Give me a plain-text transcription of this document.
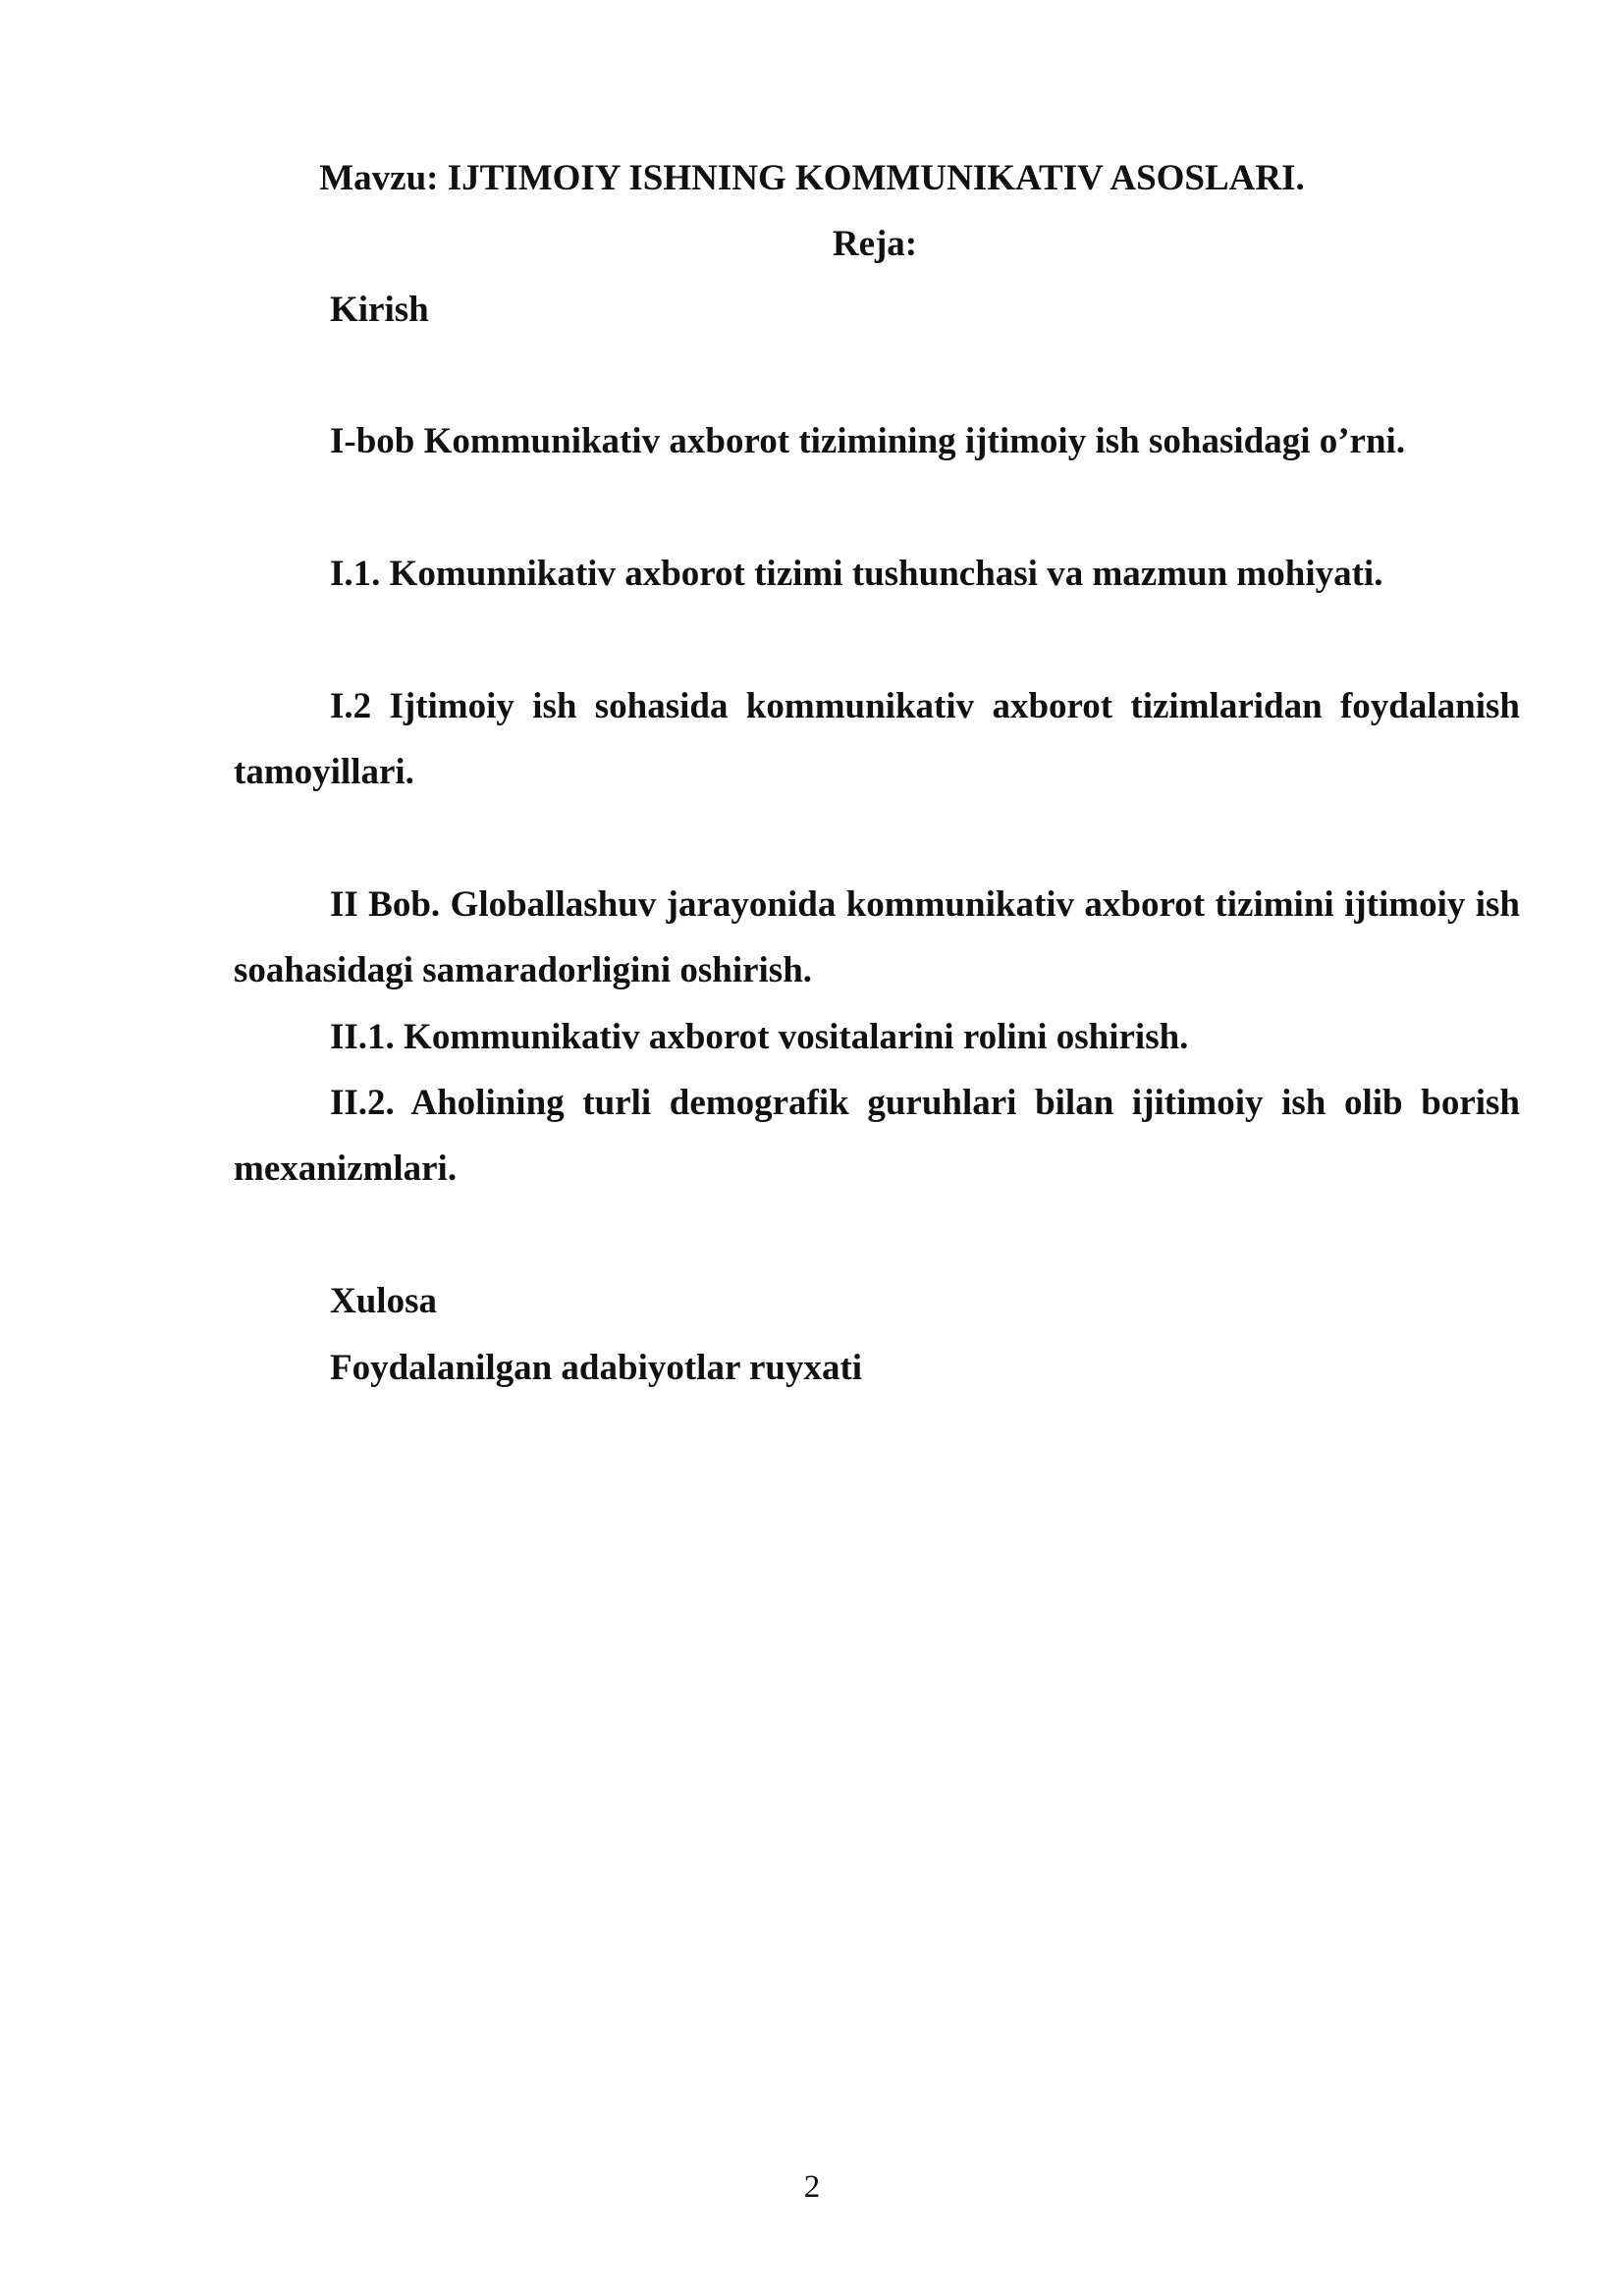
Mavzu: IJTIMOIY ISHNING KOMMUNIKATIV ASOSLARI.
Reja:
Kirish
I-bob Kommunikativ axborot tizimining ijtimoiy ish sohasidagi o’rni.
I.1. Komunnikativ axborot tizimi tushunchasi va mazmun mohiyati.
I.2 Ijtimoiy ish sohasida kommunikativ axborot tizimlaridan foydalanish tamoyillari.
II Bob. Globallashuv jarayonida kommunikativ axborot tizimini ijtimoiy ish soahasidagi samaradorligini oshirish.
II.1. Kommunikativ axborot vositalarini rolini oshirish.
II.2. Aholining turli demografik guruhlari bilan ijitimoiy ish olib borish mexanizmlari.
Xulosa
Foydalanilgan adabiyotlar ruyxati
2
